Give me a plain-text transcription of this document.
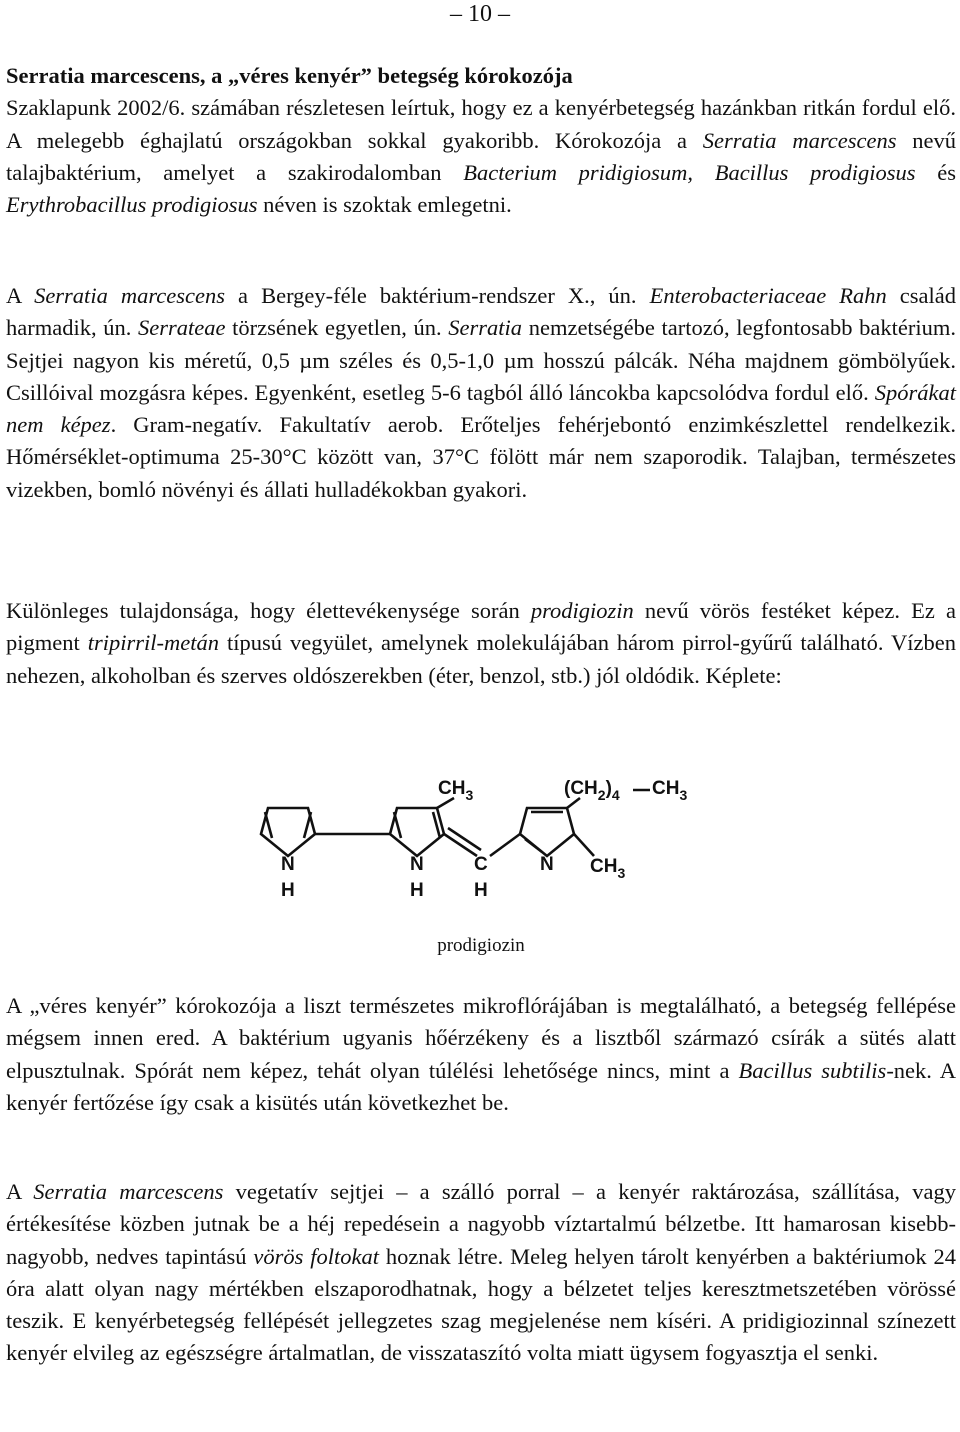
– 10 –

Serratia marcescens, a „véres kenyér” betegség kórokozója
Szaklapunk 2002/6. számában részletesen leírtuk, hogy ez a kenyérbetegség hazánkban ritkán fordul elő. A melegebb éghajlatú országokban sokkal gyakoribb. Kórokozója a Serratia marcescens nevű talajbaktérium, amelyet a szakirodalomban Bacterium pridigiosum, Bacillus prodigiosus és Erythrobacillus prodigiosus néven is szoktak emlegetni.

A Serratia marcescens a Bergey-féle baktérium-rendszer X., ún. Enterobacteriaceae Rahn család harmadik, ún. Serrateae törzsének egyetlen, ún. Serratia nemzetségébe tartozó, legfontosabb baktérium. Sejtjei nagyon kis méretű, 0,5 µm széles és 0,5-1,0 µm hosszú pálcák. Néha majdnem gömbölyűek. Csillóival mozgásra képes. Egyenként, esetleg 5-6 tagból álló láncokba kapcsolódva fordul elő. Spórákat nem képez. Gram-negatív. Fakultatív aerob. Erőteljes fehérjebontó enzimkészlettel rendelkezik. Hőmérséklet-optimuma 25-30°C között van, 37°C fölött már nem szaporodik. Talajban, természetes vizekben, bomló növényi és állati hulladékokban gyakori.

Különleges tulajdonsága, hogy élettevékenysége során prodigiozin nevű vörös festéket képez. Ez a pigment tripirril-metán típusú vegyület, amelynek molekulájában három pirrol-gyűrű található. Vízben nehezen, alkoholban és szerves oldószerekben (éter, benzol, stb.) jól oldódik. Képlete:

$CH_3$	$(CH_2)_4$ $CH_3$
N
H
N
H
C
H
N $CH_3$
prodigiozin

A „véres kenyér” kórokozója a liszt természetes mikroflórájában is megtalálható, a betegség fellépése mégsem innen ered. A baktérium ugyanis hőérzékeny és a lisztből származó csírák a sütés alatt elpusztulnak. Spórát nem képez, tehát olyan túlélési lehetősége nincs, mint a Bacillus subtilis-nek. A kenyér fertőzése így csak a kisütés után következhet be.

A Serratia marcescens vegetatív sejtjei – a szálló porral – a kenyér raktározása, szállítása, vagy értékesítése közben jutnak be a héj repedésein a nagyobb víztartalmú bélzetbe. Itt hamarosan kisebb-nagyobb, nedves tapintású vörös foltokat hoznak létre. Meleg helyen tárolt kenyérben a baktériumok 24 óra alatt olyan nagy mértékben elszaporodhatnak, hogy a bélzetet teljes keresztmetszetében vörössé teszik. E kenyérbetegség fellépését jellegzetes szag megjelenése nem kíséri. A pridigiozinnal színezett kenyér elvileg az egészségre ártalmatlan, de visszataszító volta miatt ügysem fogyasztja el senki.
